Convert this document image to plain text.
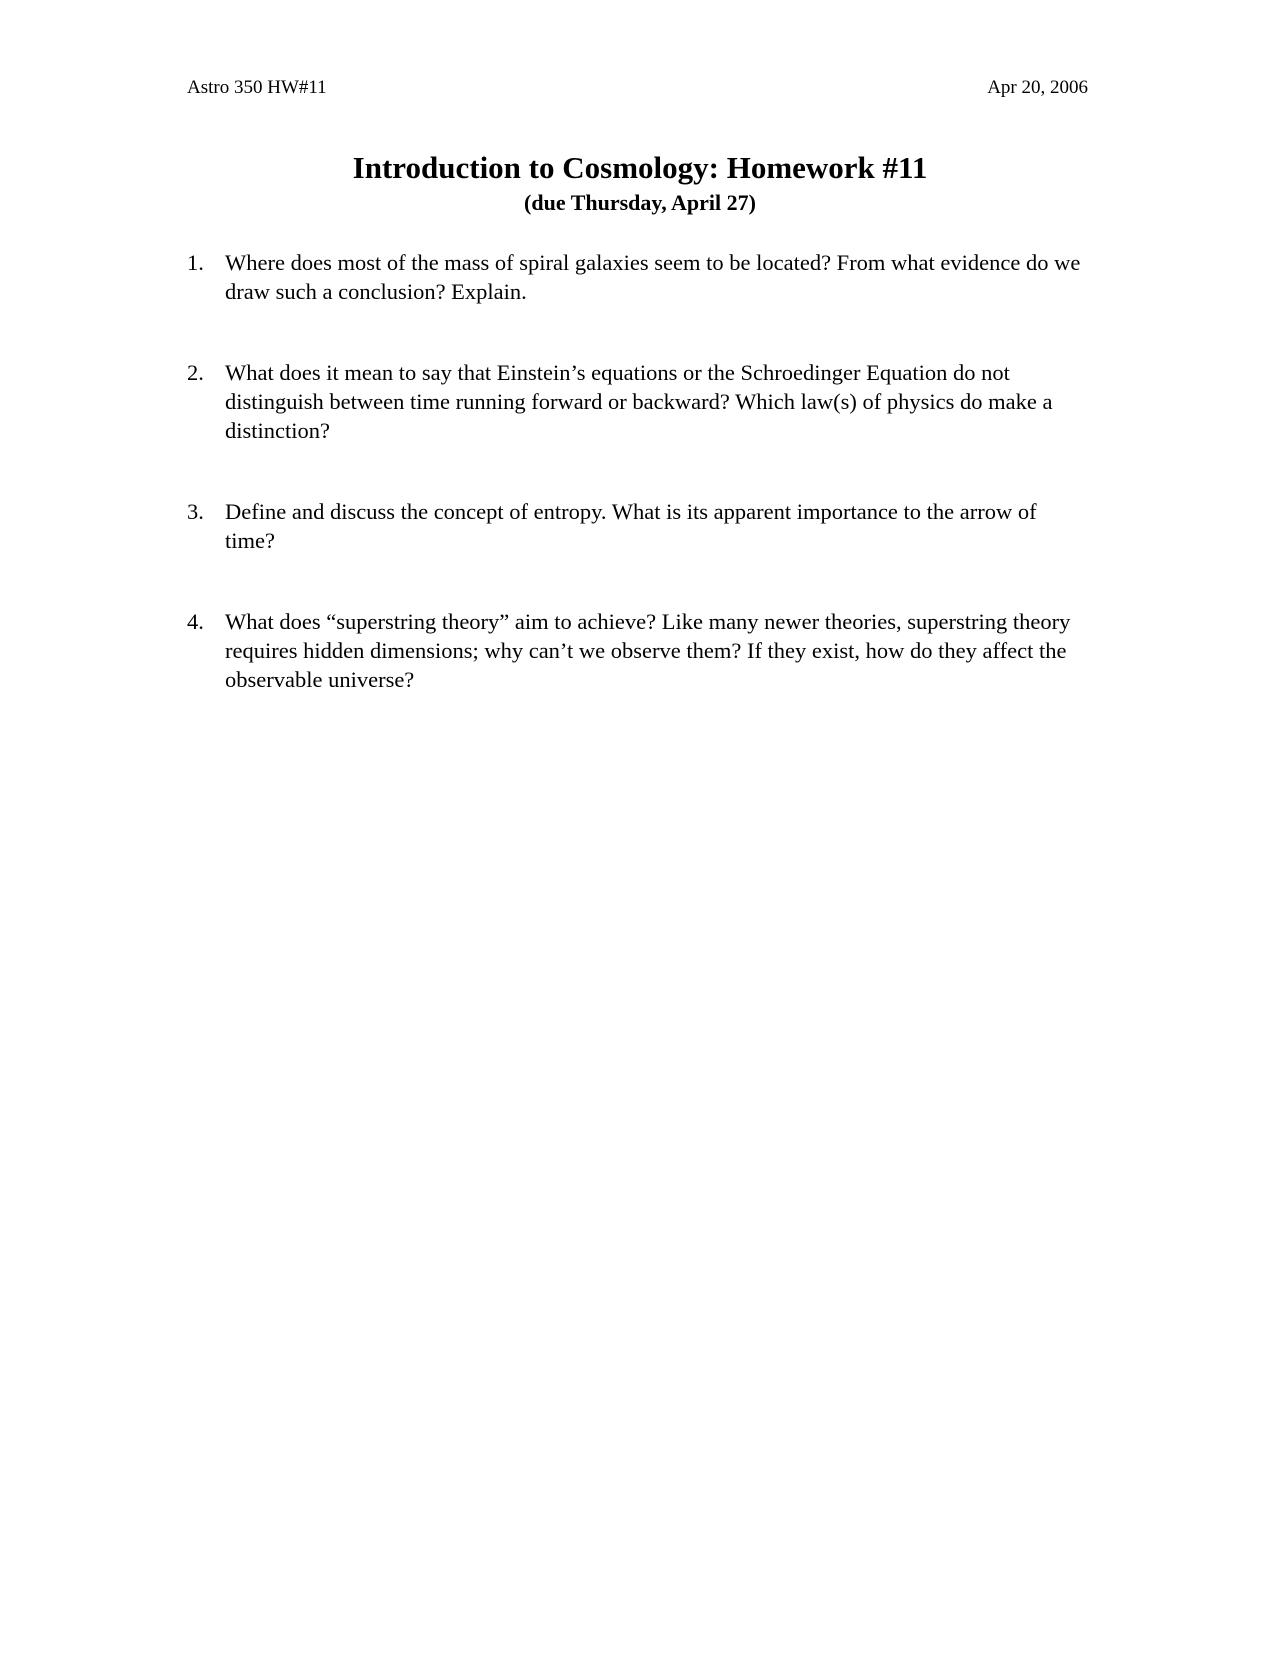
Astro 350 HW#11	Apr 20, 2006
Introduction to Cosmology: Homework #11
(due Thursday, April 27)
1. Where does most of the mass of spiral galaxies seem to be located? From what evidence do we draw such a conclusion? Explain.
2. What does it mean to say that Einstein’s equations or the Schroedinger Equation do not distinguish between time running forward or backward? Which law(s) of physics do make a distinction?
3. Define and discuss the concept of entropy. What is its apparent importance to the arrow of time?
4. What does “superstring theory” aim to achieve? Like many newer theories, superstring theory requires hidden dimensions; why can’t we observe them? If they exist, how do they affect the observable universe?
